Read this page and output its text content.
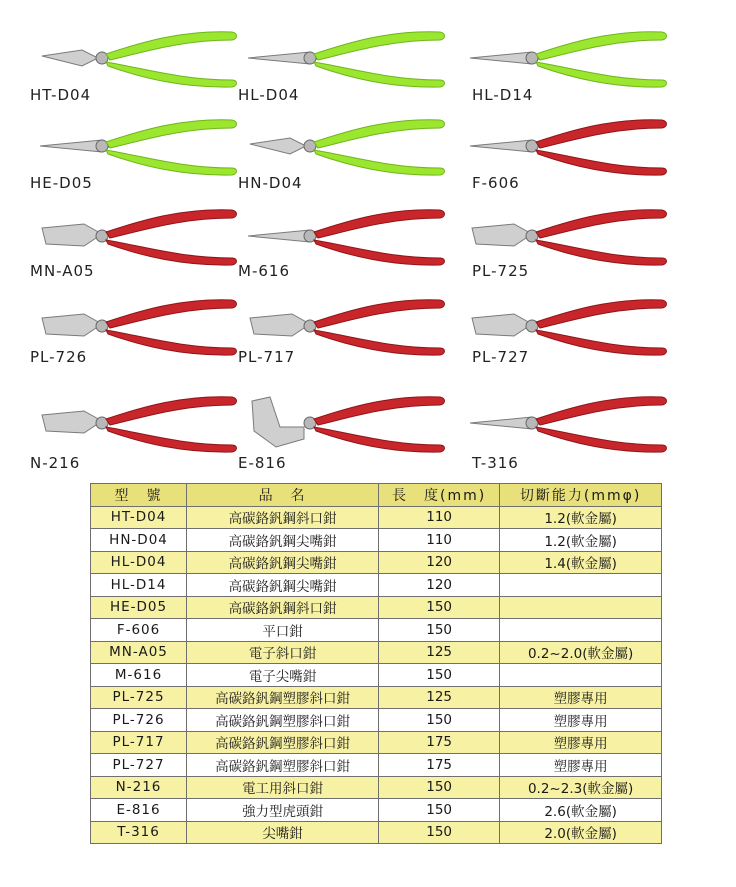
HT-D04	HL-D04	HL-D14
HE-D05	HN-D04	F-606
MN-A05	M-616	PL-725
PL-726	PL-717	PL-727
N-216	E-816	T-316
型　號	品　名	長　度(mm)	切斷能力(mmφ)
HT-D04	高碳鉻釩鋼斜口鉗	110	1.2(軟金屬)
HN-D04	高碳鉻釩鋼尖嘴鉗	110	1.2(軟金屬)
HL-D04	高碳鉻釩鋼尖嘴鉗	120	1.4(軟金屬)
HL-D14	高碳鉻釩鋼尖嘴鉗	120	
HE-D05	高碳鉻釩鋼斜口鉗	150	
F-606	平口鉗	150	
MN-A05	電子斜口鉗	125	0.2~2.0(軟金屬)
M-616	電子尖嘴鉗	150	
PL-725	高碳鉻釩鋼塑膠斜口鉗	125	塑膠專用
PL-726	高碳鉻釩鋼塑膠斜口鉗	150	塑膠專用
PL-717	高碳鉻釩鋼塑膠斜口鉗	175	塑膠專用
PL-727	高碳鉻釩鋼塑膠斜口鉗	175	塑膠專用
N-216	電工用斜口鉗	150	0.2~2.3(軟金屬)
E-816	強力型虎頭鉗	150	2.6(軟金屬)
T-316	尖嘴鉗	150	2.0(軟金屬)
